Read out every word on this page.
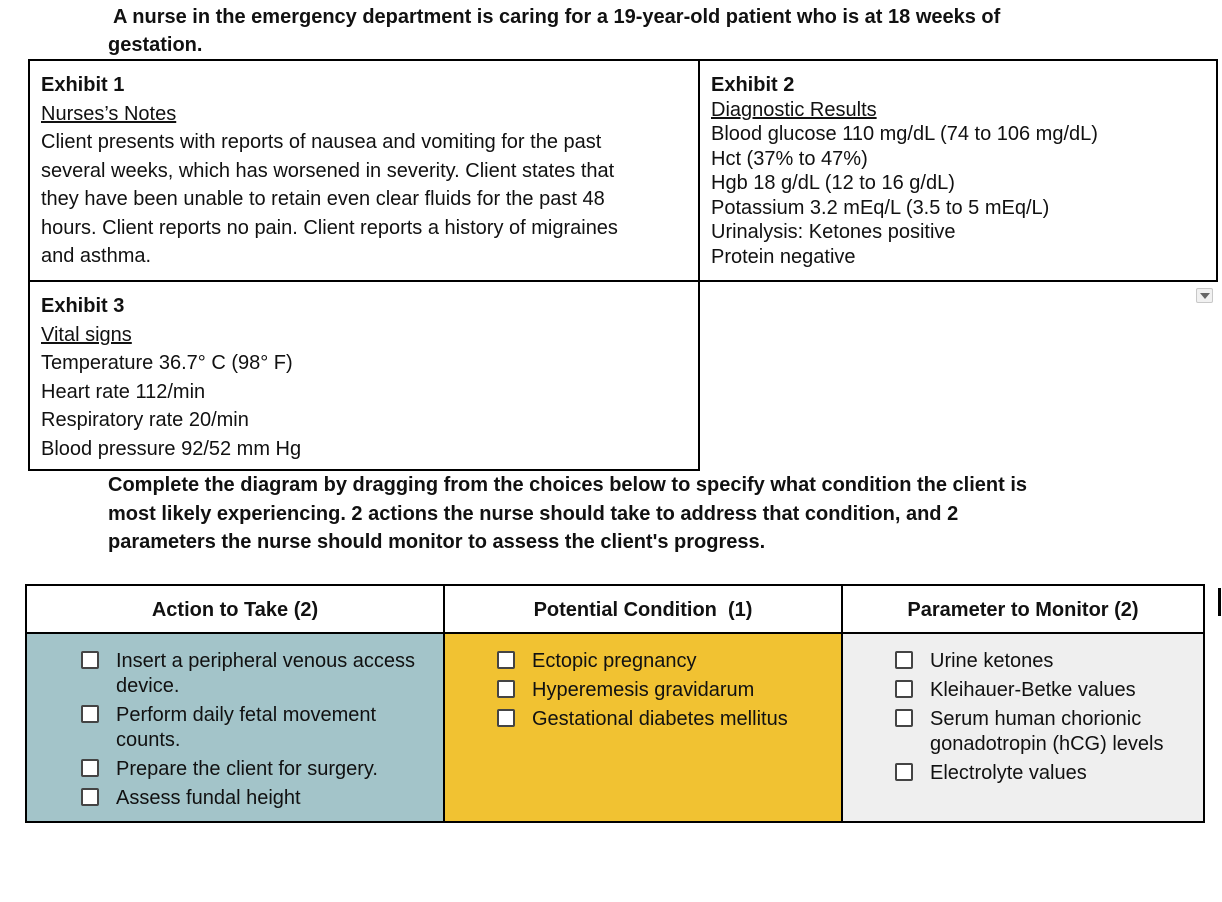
A nurse in the emergency department is caring for a 19-year-old patient who is at 18 weeks of
gestation.
Exhibit 1
Nurses’s Notes
Client presents with reports of nausea and vomiting for the past
several weeks, which has worsened in severity. Client states that
they have been unable to retain even clear fluids for the past 48
hours. Client reports no pain. Client reports a history of migraines
and asthma.
Exhibit 2
Diagnostic Results
Blood glucose 110 mg/dL (74 to 106 mg/dL)
Hct (37% to 47%)
Hgb 18 g/dL (12 to 16 g/dL)
Potassium 3.2 mEq/L (3.5 to 5 mEq/L)
Urinalysis: Ketones positive
Protein negative
Exhibit 3
Vital signs
Temperature 36.7° C (98° F)
Heart rate 112/min
Respiratory rate 20/min
Blood pressure 92/52 mm Hg
Complete the diagram by dragging from the choices below to specify what condition the client is
most likely experiencing. 2 actions the nurse should take to address that condition, and 2
parameters the nurse should monitor to assess the client's progress.
Action to Take (2)
Insert a peripheral venous access device.
Perform daily fetal movement counts.
Prepare the client for surgery.
Assess fundal height
Potential Condition  (1)
Ectopic pregnancy
Hyperemesis gravidarum
Gestational diabetes mellitus
Parameter to Monitor (2)
Urine ketones
Kleihauer-Betke values
Serum human chorionic gonadotropin (hCG) levels
Electrolyte values
